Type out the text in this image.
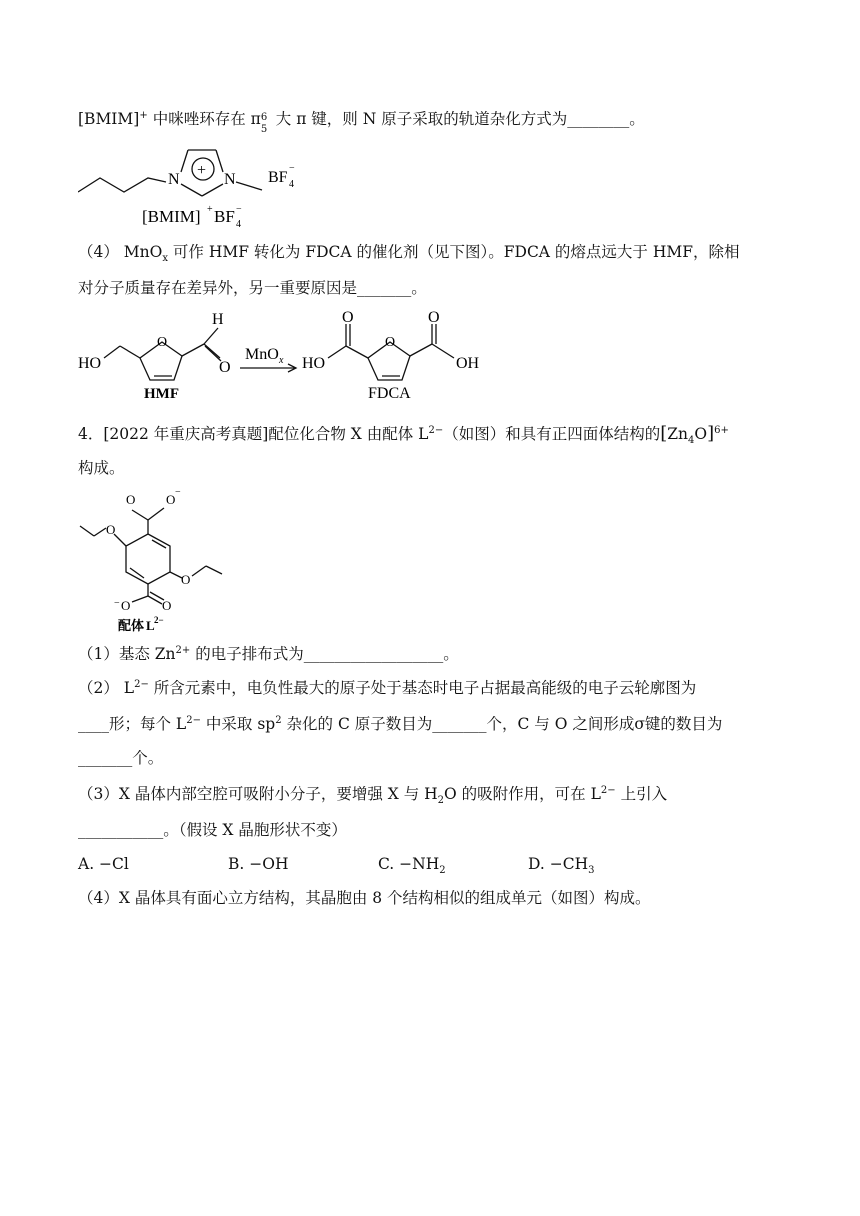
[BMIM]+ 中咪唑环存在 π 6
5
大 π 键，则 N 原子采取的轨道杂化方式为________。
N	N
+	BF 4
−
[BMIM] + BF 4
−
（4） MnO$_x$ 可作 HMF 转化为 FDCA 的催化剂（见下图）。FDCA 的熔点远大于 HMF，除相
对分子质量存在差异外，另一重要原因是_______。
H
HO	O
O
HMF
MnO x HO
O
O
O
OH
FDCA
4．[2022 年重庆高考真题]配位化合物 X 由配体 $L^{2-}$（如图）和具有正四面体结构的$[Zn_4O]^{6+}$
构成。
O O −
O
O
− O O
配体 L 2−
（1）基态 $Zn^{2+}$ 的电子排布式为__________________。
（2） $L^{2-}$ 所含元素中，电负性最大的原子处于基态时电子占据最高能级的电子云轮廓图为
____形；每个 $L^{2-}$ 中采取 $sp^2$ 杂化的 C 原子数目为_______个，C 与 O 之间形成σ键的数目为
_______个。
（3）X 晶体内部空腔可吸附小分子，要增强 X 与 $H_2O$ 的吸附作用，可在 $L^{2-}$ 上引入
___________。（假设 X 晶胞形状不变）
A. −Cl	B. −OH	C. $-NH_2$	D. $-CH_3$
（4）X 晶体具有面心立方结构，其晶胞由 8 个结构相似的组成单元（如图）构成。
